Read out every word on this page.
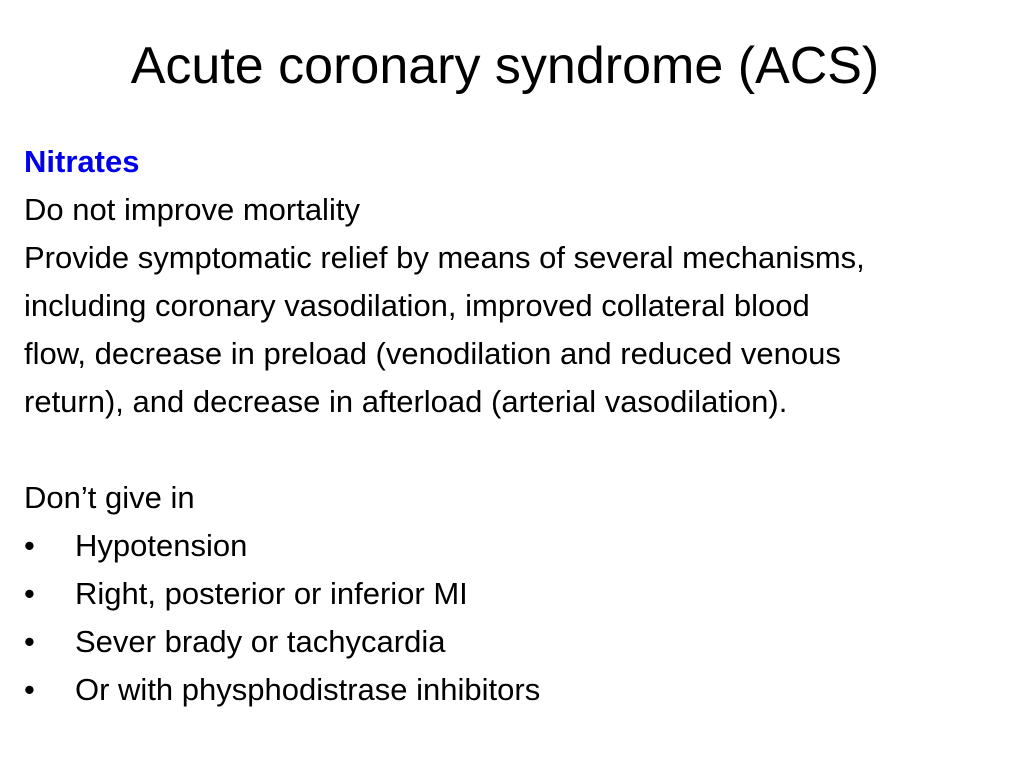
Acute coronary syndrome (ACS)
Nitrates
Do not improve mortality
Provide symptomatic relief by means of several mechanisms,
including coronary vasodilation, improved collateral blood
flow, decrease in preload (venodilation and reduced venous
return), and decrease in afterload (arterial vasodilation).
Don’t give in
• Hypotension
• Right, posterior or inferior MI
• Sever brady or tachycardia
• Or with physphodistrase inhibitors
